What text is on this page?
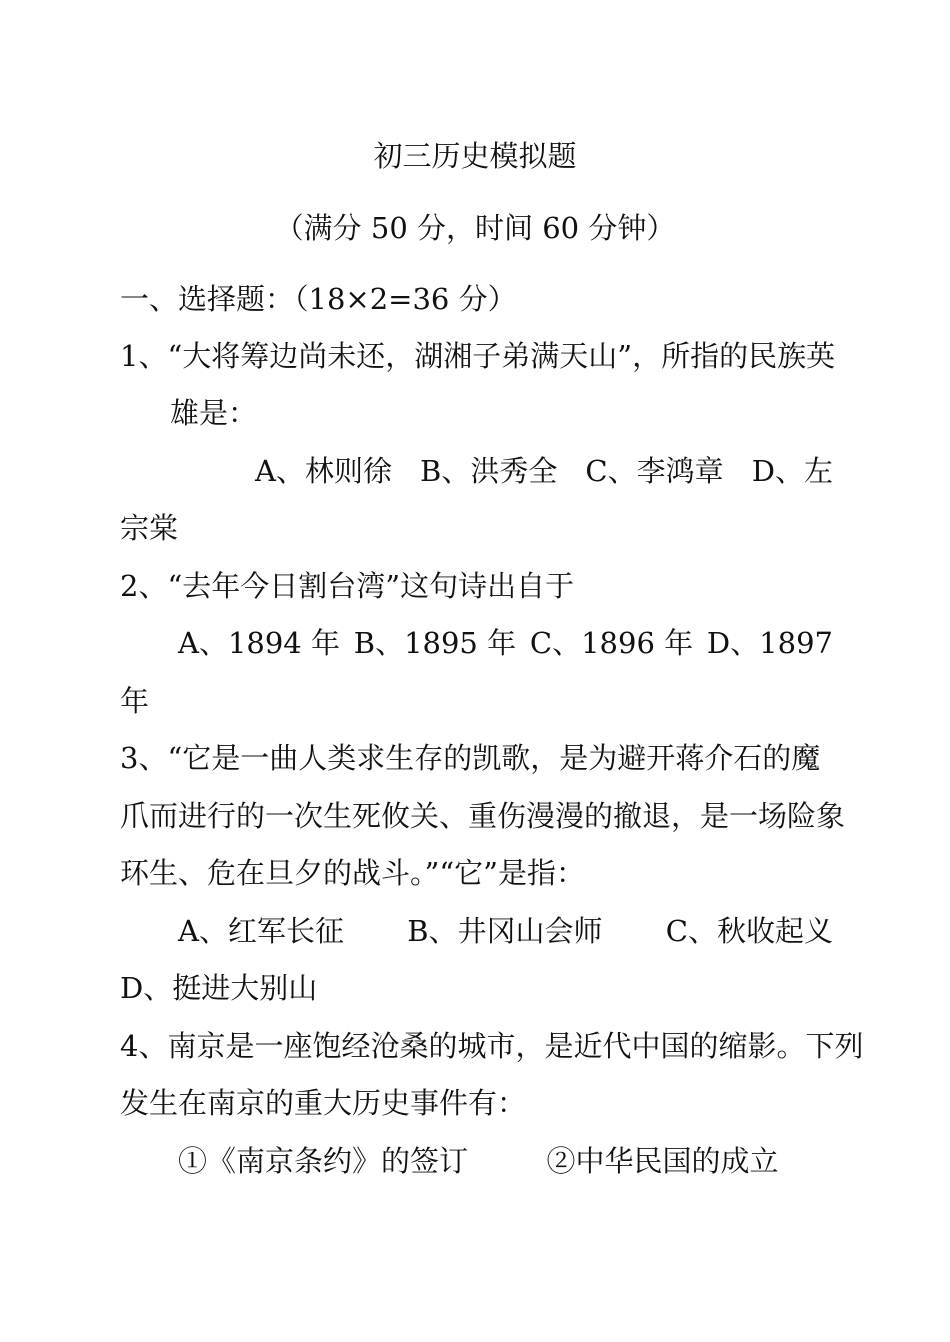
初三历史模拟题
（满分 50 分，时间 60 分钟）
一、选择题：（18×2=36 分）
1、“大将筹边尚未还，湖湘子弟满天山”，所指的民族英
雄是：
A、林则徐 B、洪秀全 C、李鸿章 D、左
宗棠
2、“去年今日割台湾”这句诗出自于
A、1894 年 B、1895 年 C、1896 年 D、1897
年
3、“它是一曲人类求生存的凯歌，是为避开蒋介石的魔
爪而进行的一次生死攸关、重伤漫漫的撤退，是一场险象
环生、危在旦夕的战斗。”“它”是指：
A、红军长征 B、井冈山会师 C、秋收起义
D、挺进大别山
4、南京是一座饱经沧桑的城市，是近代中国的缩影。下列
发生在南京的重大历史事件有：
①《南京条约》的签订	②中华民国的成立
